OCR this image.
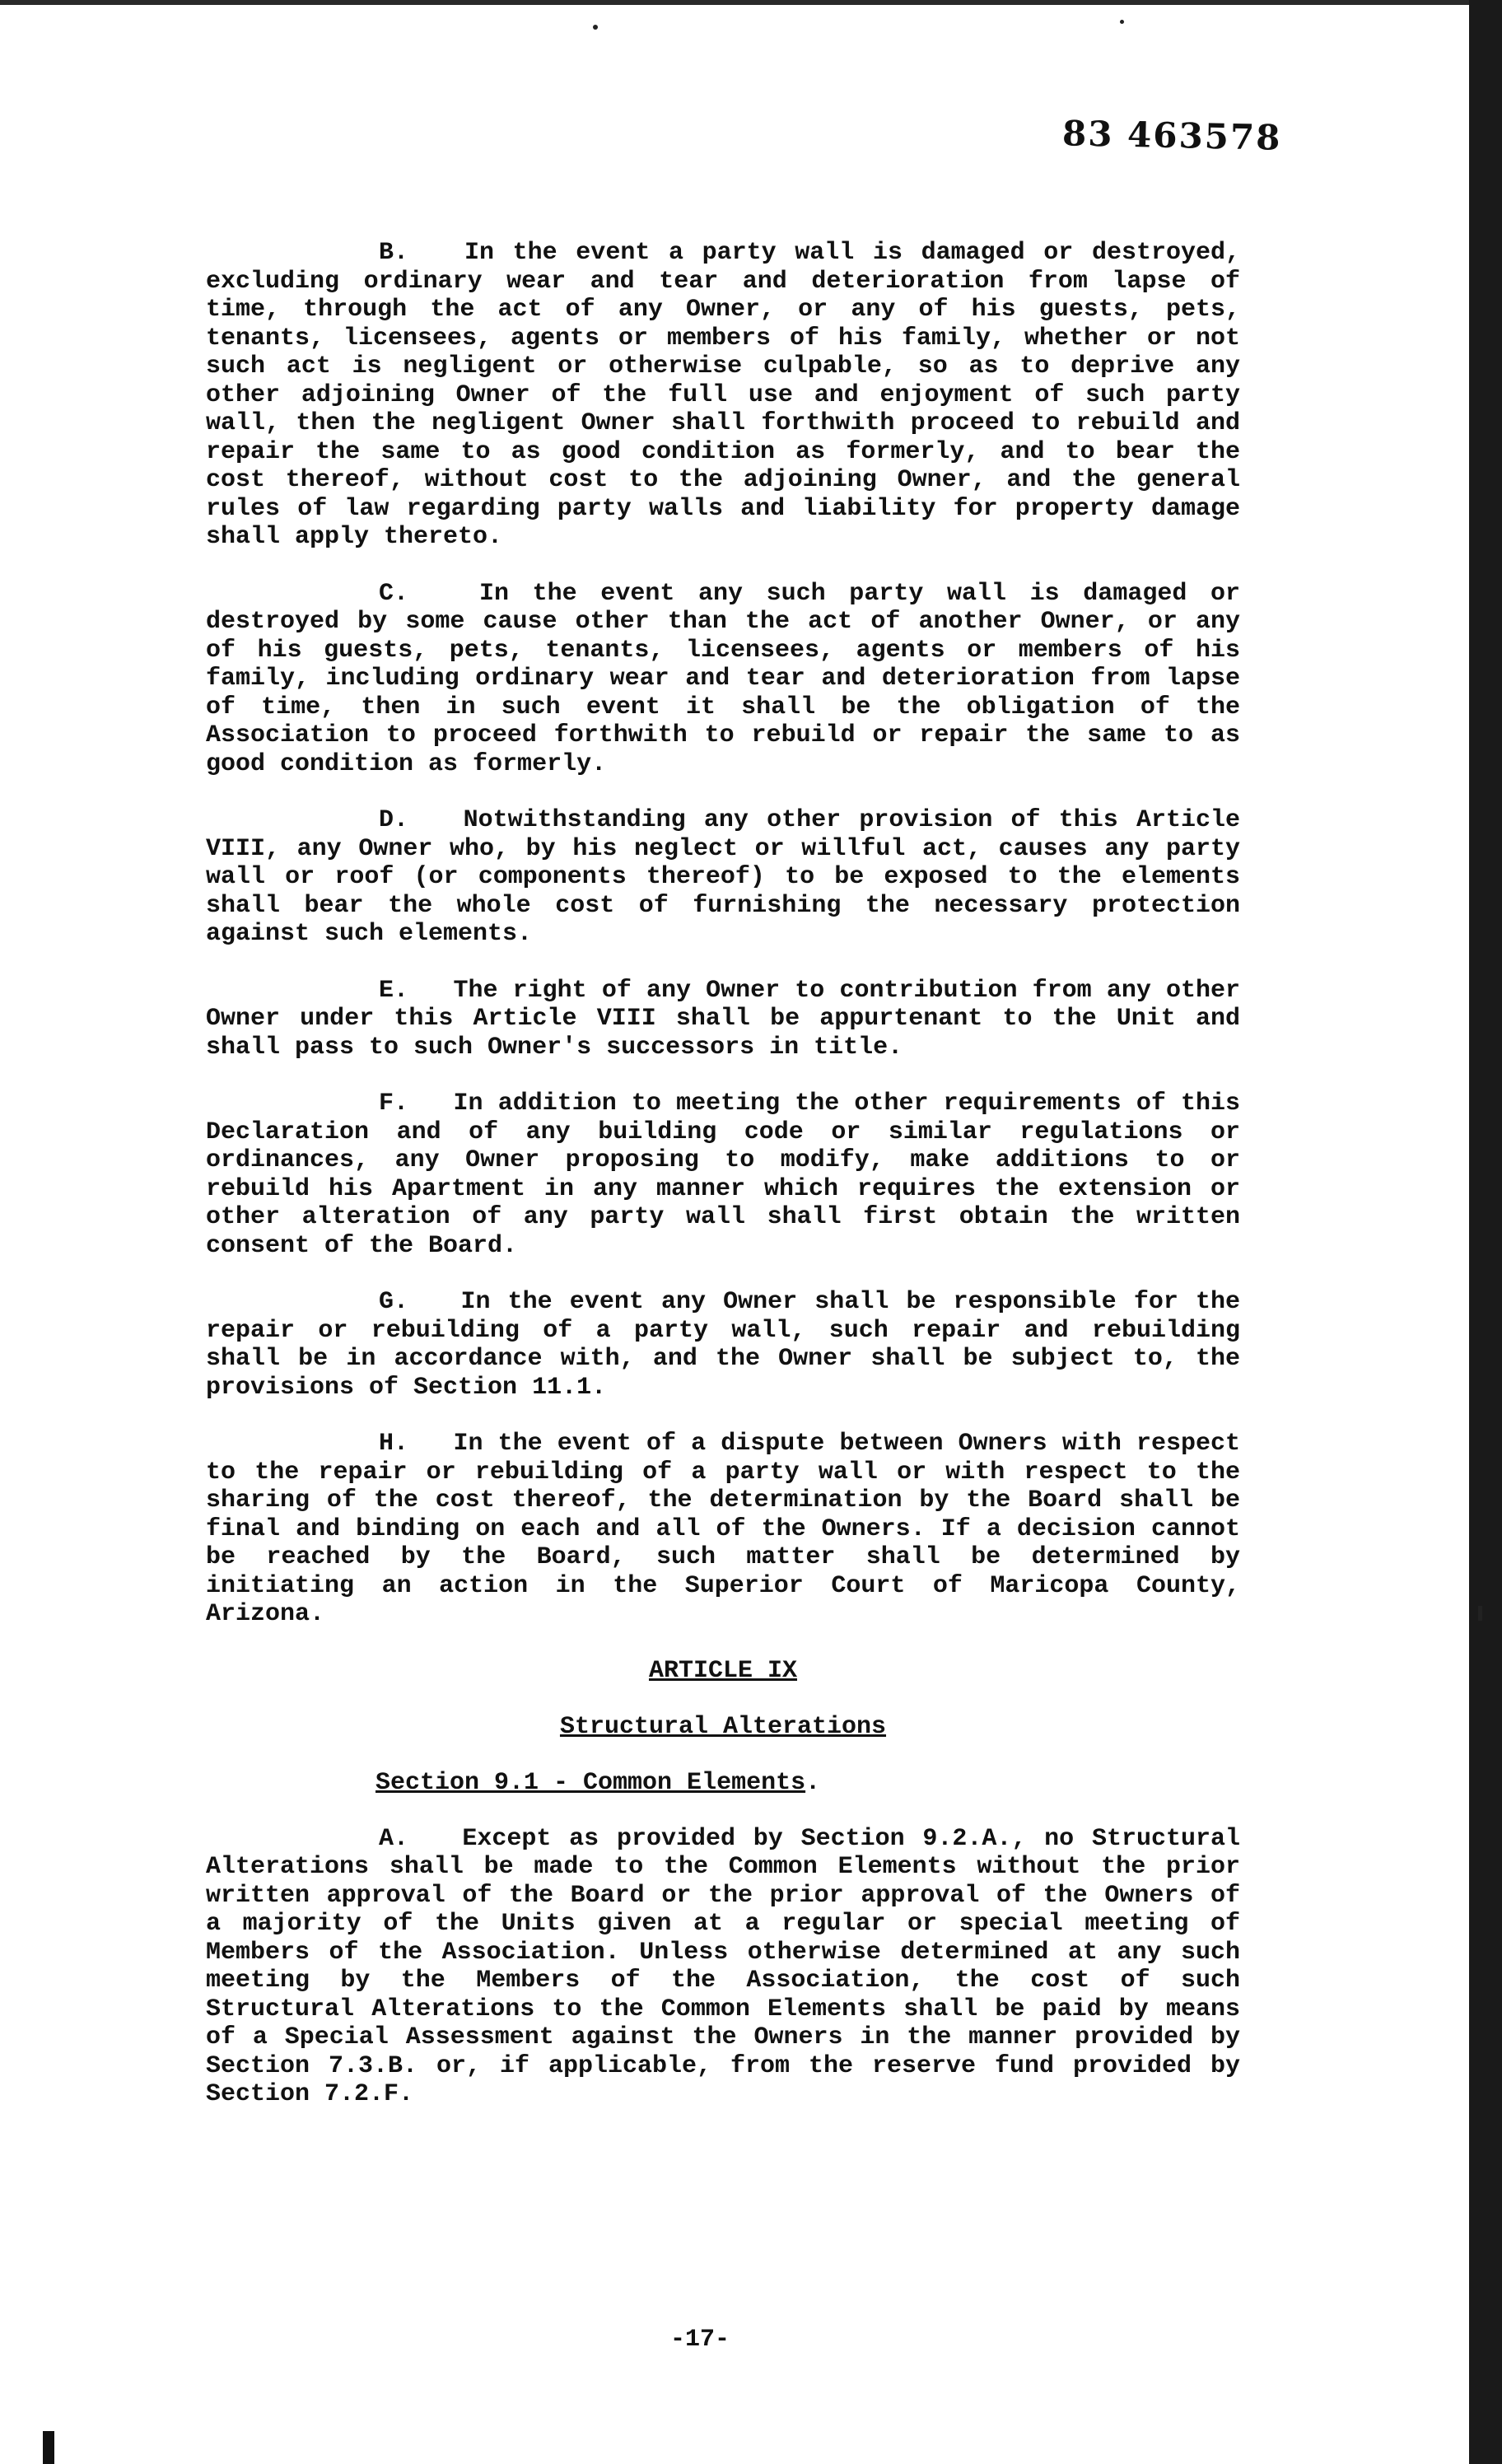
83 463578

B. In the event a party wall is damaged or destroyed, excluding ordinary wear and tear and deterioration from lapse of time, through the act of any Owner, or any of his guests, pets, tenants, licensees, agents or members of his family, whether or not such act is negligent or otherwise culpable, so as to deprive any other adjoining Owner of the full use and enjoyment of such party wall, then the negligent Owner shall forthwith proceed to rebuild and repair the same to as good condition as formerly, and to bear the cost thereof, without cost to the adjoining Owner, and the general rules of law regarding party walls and liability for property damage shall apply thereto.

C.	In the event any such party wall is damaged or destroyed by some cause other than the act of another Owner, or any of his guests, pets, tenants, licensees, agents or members of his family, including ordinary wear and tear and deterioration from lapse of time, then in such event it shall be the obligation of the Association to proceed forthwith to rebuild or repair the same to as good condition as formerly.

D. Notwithstanding any other provision of this Article VIII, any Owner who, by his neglect or willful act, causes any party wall or roof (or components thereof) to be exposed to the elements shall bear the whole cost of furnishing the necessary protection against such elements.

E. The right of any Owner to contribution from any other Owner under this Article VIII shall be appurtenant to the Unit and shall pass to such Owner's successors in title.

F. In addition to meeting the other requirements of this Declaration and of any building code or similar regulations or ordinances, any Owner proposing to modify, make additions to or rebuild his Apartment in any manner which requires the extension or other alteration of any party wall shall first obtain the written consent of the Board.

G. In the event any Owner shall be responsible for the repair or rebuilding of a party wall, such repair and rebuilding shall be in accordance with, and the Owner shall be subject to, the provisions of Section 11.1.

H. In the event of a dispute between Owners with respect to the repair or rebuilding of a party wall or with respect to the sharing of the cost thereof, the determination by the Board shall be final and binding on each and all of the Owners. If a decision cannot be reached by the Board, such matter shall be determined by initiating an action in the Superior Court of Maricopa County, Arizona.

ARTICLE IX
Structural Alterations
Section 9.1 - Common Elements.

A. Except as provided by Section 9.2.A., no Structural Alterations shall be made to the Common Elements without the prior written approval of the Board or the prior approval of the Owners of a majority of the Units given at a regular or special meeting of Members of the Association. Unless otherwise determined at any such meeting by the Members of the Association, the cost of such Structural Alterations to the Common Elements shall be paid by means of a Special Assessment against the Owners in the manner provided by Section 7.3.B. or, if applicable, from the reserve fund provided by Section 7.2.F.

-17-
